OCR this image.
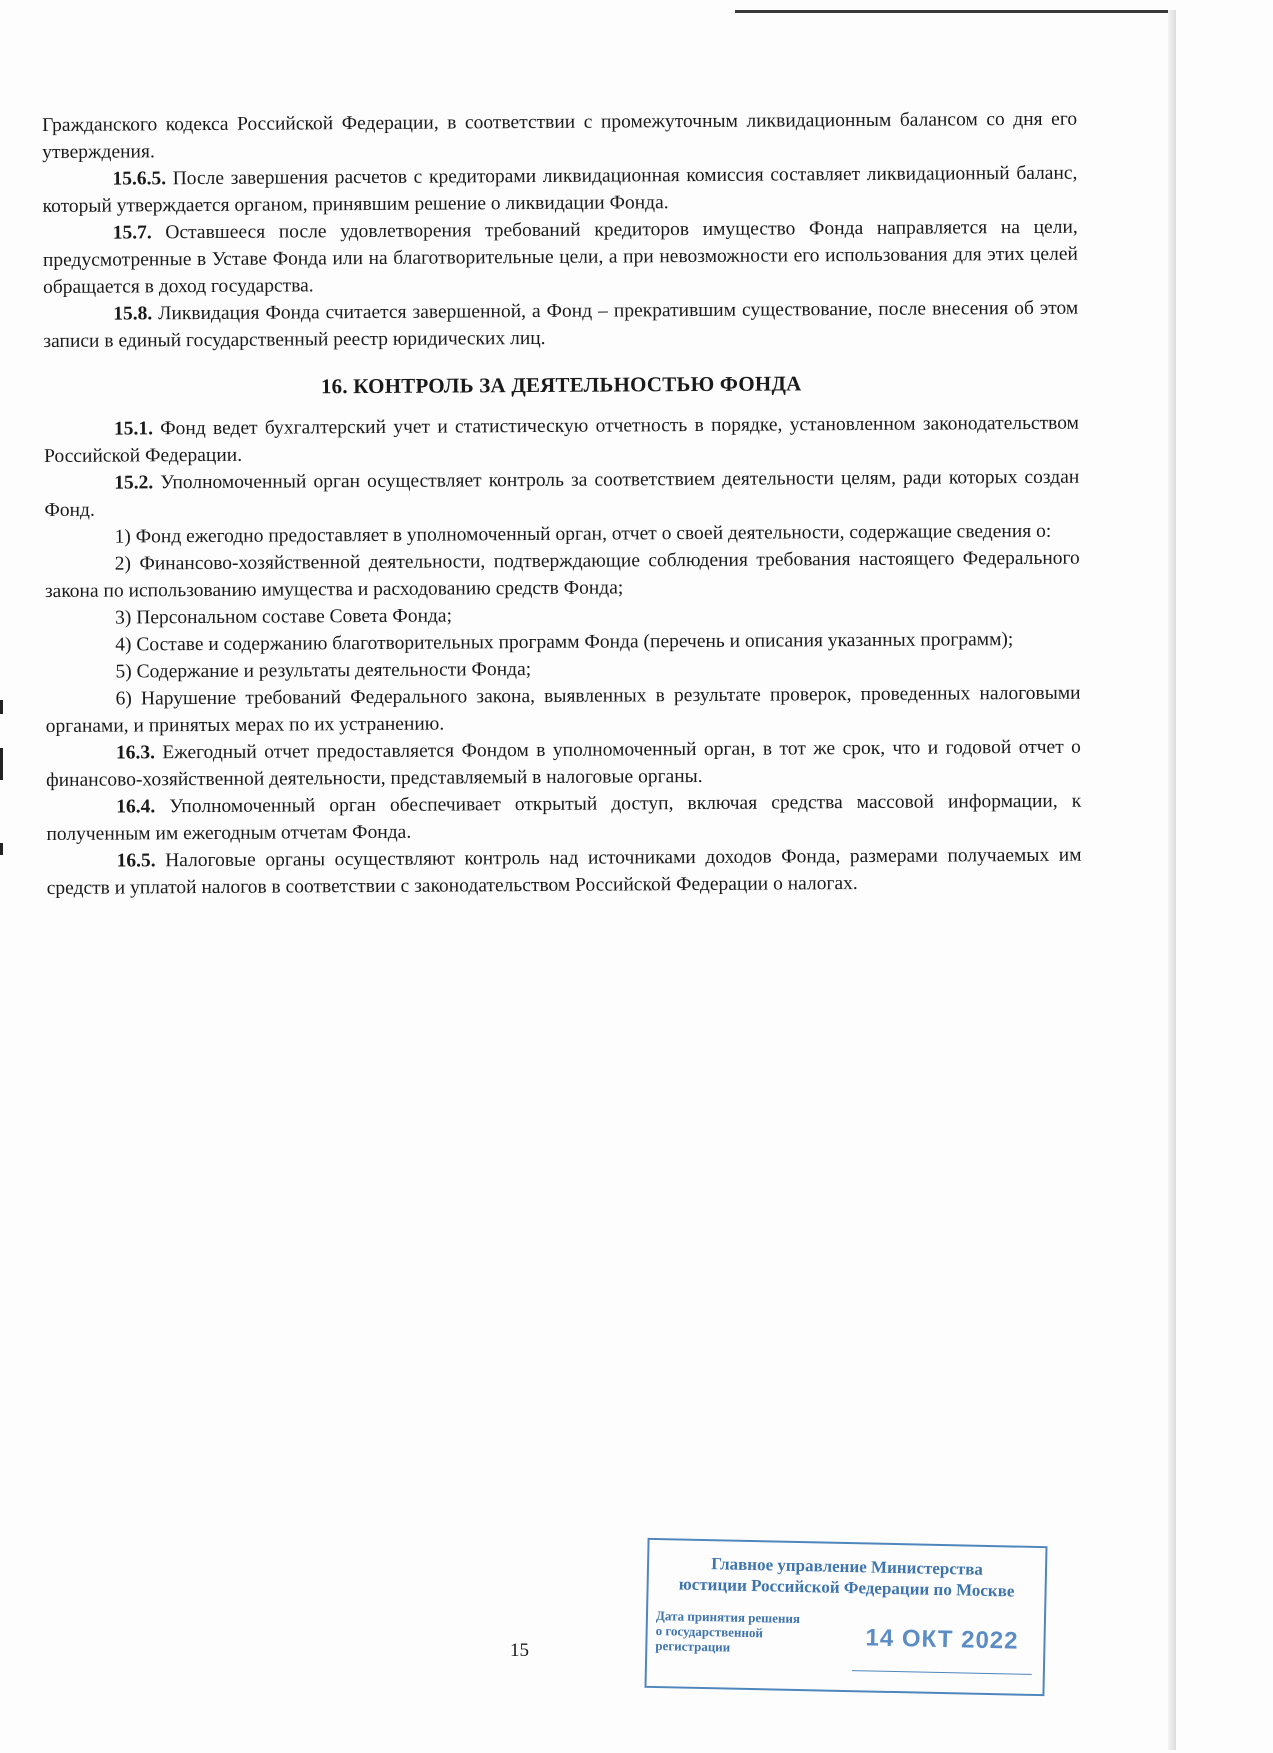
Гражданского кодекса Российской Федерации, в соответствии с промежуточным ликвидационным балансом со дня его утверждения.

15.6.5. После завершения расчетов с кредиторами ликвидационная комиссия составляет ликвидационный баланс, который утверждается органом, принявшим решение о ликвидации Фонда.

15.7. Оставшееся после удовлетворения требований кредиторов имущество Фонда направляется на цели, предусмотренные в Уставе Фонда или на благотворительные цели, а при невозможности его использования для этих целей обращается в доход государства.

15.8. Ликвидация Фонда считается завершенной, а Фонд – прекратившим существование, после внесения об этом записи в единый государственный реестр юридических лиц.

16. КОНТРОЛЬ ЗА ДЕЯТЕЛЬНОСТЬЮ ФОНДА

15.1. Фонд ведет бухгалтерский учет и статистическую отчетность в порядке, установленном законодательством Российской Федерации.

15.2. Уполномоченный орган осуществляет контроль за соответствием деятельности целям, ради которых создан Фонд.

1) Фонд ежегодно предоставляет в уполномоченный орган, отчет о своей деятельности, содержащие сведения о:

2) Финансово-хозяйственной деятельности, подтверждающие соблюдения требования настоящего Федерального закона по использованию имущества и расходованию средств Фонда;

3) Персональном составе Совета Фонда;

4) Составе и содержанию благотворительных программ Фонда (перечень и описания указанных программ);

5) Содержание и результаты деятельности Фонда;

6) Нарушение требований Федерального закона, выявленных в результате проверок, проведенных налоговыми органами, и принятых мерах по их устранению.

16.3. Ежегодный отчет предоставляется Фондом в уполномоченный орган, в тот же срок, что и годовой отчет о финансово-хозяйственной деятельности, представляемый в налоговые органы.

16.4. Уполномоченный орган обеспечивает открытый доступ, включая средства массовой информации, к полученным им ежегодным отчетам Фонда.

16.5. Налоговые органы осуществляют контроль над источниками доходов Фонда, размерами получаемых им средств и уплатой налогов в соответствии с законодательством Российской Федерации о налогах.

15
Главное управление Министерства
юстиции Российской Федерации по Москве
Дата принятия решения
о государственной
регистрации	14 ОКТ 2022
